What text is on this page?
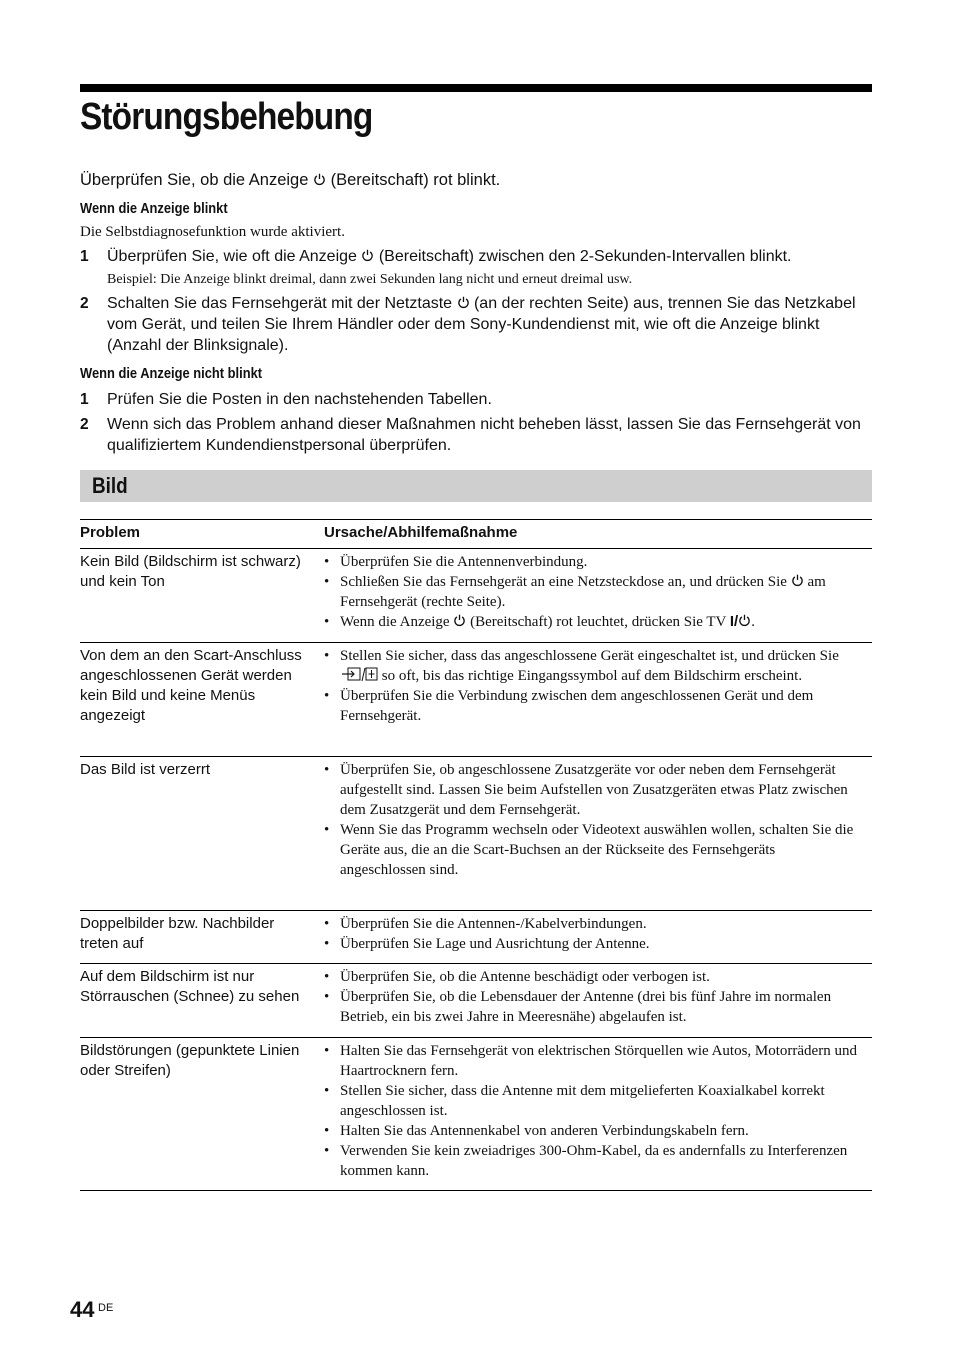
Störungsbehebung
Überprüfen Sie, ob die Anzeige (Bereitschaft) rot blinkt.
Wenn die Anzeige blinkt
Die Selbstdiagnosefunktion wurde aktiviert.
1 Überprüfen Sie, wie oft die Anzeige (Bereitschaft) zwischen den 2-Sekunden-Intervallen blinkt.
Beispiel: Die Anzeige blinkt dreimal, dann zwei Sekunden lang nicht und erneut dreimal usw.
2 Schalten Sie das Fernsehgerät mit der Netztaste (an der rechten Seite) aus, trennen Sie das Netzkabel vom Gerät, und teilen Sie Ihrem Händler oder dem Sony-Kundendienst mit, wie oft die Anzeige blinkt (Anzahl der Blinksignale).
Wenn die Anzeige nicht blinkt
1 Prüfen Sie die Posten in den nachstehenden Tabellen.
2 Wenn sich das Problem anhand dieser Maßnahmen nicht beheben lässt, lassen Sie das Fernsehgerät von qualifiziertem Kundendienstpersonal überprüfen.
Bild
Problem	Ursache/Abhilfemaßnahme
Kein Bild (Bildschirm ist schwarz) und kein Ton
• Überprüfen Sie die Antennenverbindung.
• Schließen Sie das Fernsehgerät an eine Netzsteckdose an, und drücken Sie am Fernsehgerät (rechte Seite).
• Wenn die Anzeige (Bereitschaft) rot leuchtet, drücken Sie TV I/ .
Von dem an den Scart-Anschluss angeschlossenen Gerät werden kein Bild und keine Menüs angezeigt
• Stellen Sie sicher, dass das angeschlossene Gerät eingeschaltet ist, und drücken Sie  so oft, bis das richtige Eingangssymbol auf dem Bildschirm erscheint.
• Überprüfen Sie die Verbindung zwischen dem angeschlossenen Gerät und dem Fernsehgerät.
Das Bild ist verzerrt
•	Überprüfen Sie, ob angeschlossene Zusatzgeräte vor oder neben dem Fernsehgerät aufgestellt sind. Lassen Sie beim Aufstellen von Zusatzgeräten etwas Platz zwischen dem Zusatzgerät und dem Fernsehgerät.
• Wenn Sie das Programm wechseln oder Videotext auswählen wollen, schalten Sie die Geräte aus, die an die Scart-Buchsen an der Rückseite des Fernsehgeräts angeschlossen sind.
Doppelbilder bzw. Nachbilder treten auf
• Überprüfen Sie die Antennen-/Kabelverbindungen.
• Überprüfen Sie Lage und Ausrichtung der Antenne.
Auf dem Bildschirm ist nur Störrauschen (Schnee) zu sehen
• Überprüfen Sie, ob die Antenne beschädigt oder verbogen ist.
• Überprüfen Sie, ob die Lebensdauer der Antenne (drei bis fünf Jahre im normalen Betrieb, ein bis zwei Jahre in Meeresnähe) abgelaufen ist.
Bildstörungen (gepunktete Linien oder Streifen)
• Halten Sie das Fernsehgerät von elektrischen Störquellen wie Autos, Motorrädern und Haartrocknern fern.
• Stellen Sie sicher, dass die Antenne mit dem mitgelieferten Koaxialkabel korrekt angeschlossen ist.
• Halten Sie das Antennenkabel von anderen Verbindungskabeln fern.
• Verwenden Sie kein zweiadriges 300-Ohm-Kabel, da es andernfalls zu Interferenzen kommen kann.
44 DE
